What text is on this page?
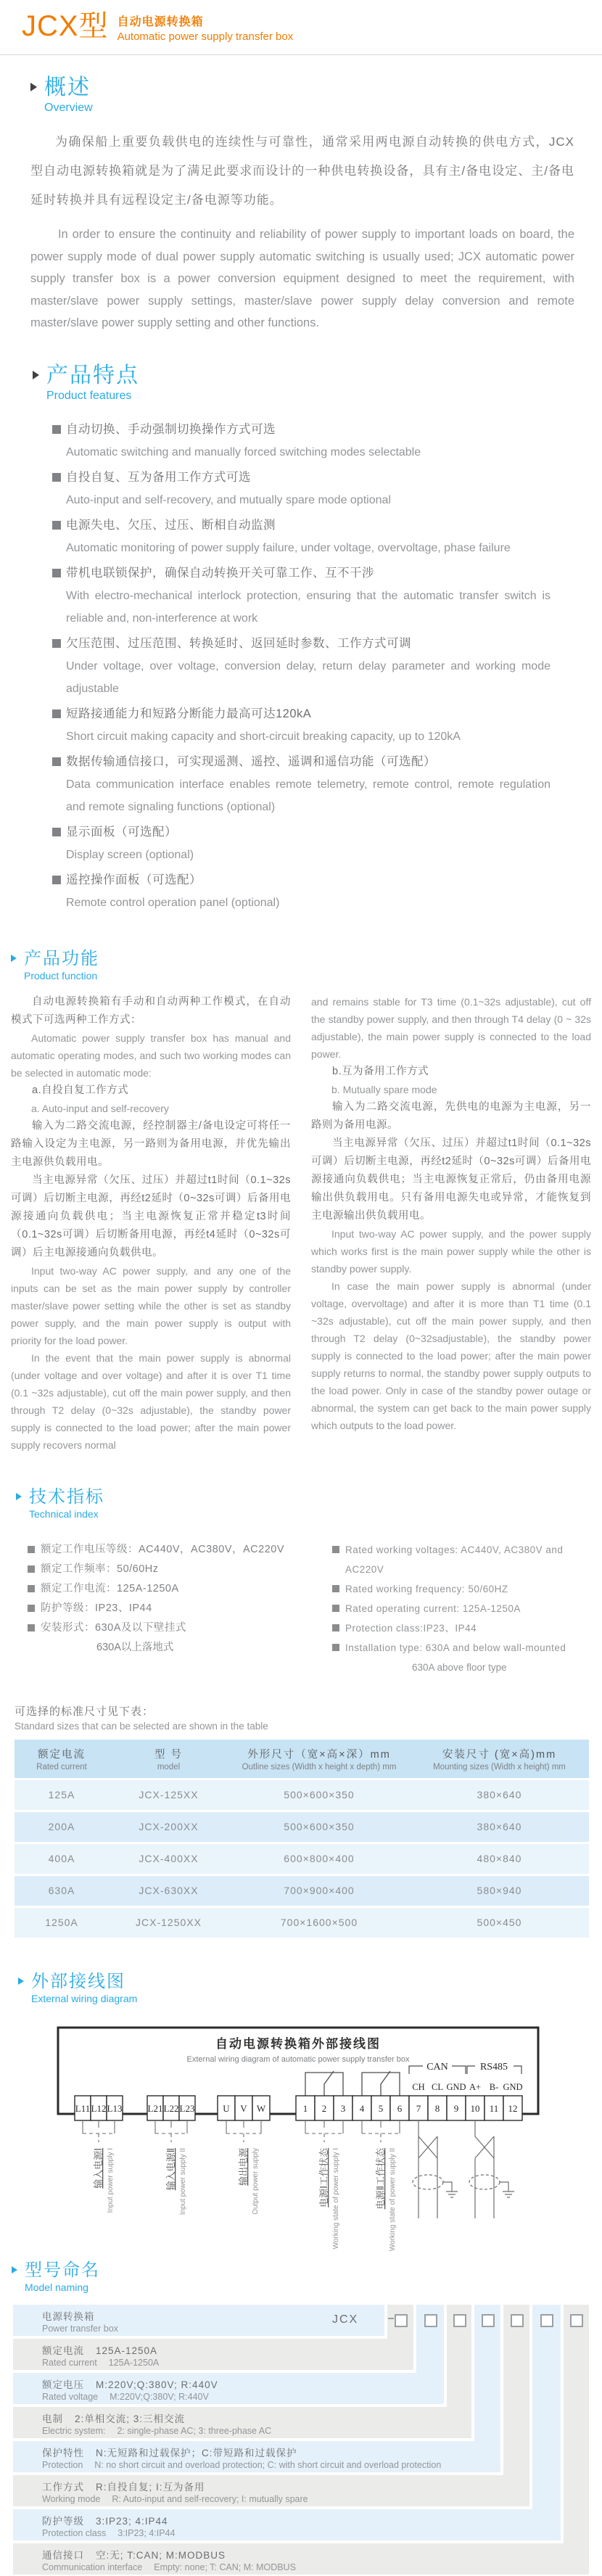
JCX型 自动电源转换箱
Automatic power supply transfer box
概述
Overview

为确保船上重要负载供电的连续性与可靠性，通常采用两电源自动转换的供电方式，JCX型自动电源转换箱就是为了满足此要求而设计的一种供电转换设备，具有主/备电设定、主/备电延时转换并具有远程设定主/备电源等功能。

In order to ensure the continuity and reliability of power supply to important loads on board, the power supply mode of dual power supply automatic switching is usually used; JCX automatic power supply transfer box is a power conversion equipment designed to meet the requirement, with master/slave power supply settings, master/slave power supply delay conversion and remote master/slave power supply setting and other functions.

产品特点
Product features
自动切换、手动强制切换操作方式可选
Automatic switching and manually forced switching modes selectable
自投自复、互为备用工作方式可选
Auto-input and self-recovery, and mutually spare mode optional
电源失电、欠压、过压、断相自动监测
Automatic monitoring of power supply failure, under voltage, overvoltage, phase failure
带机电联锁保护，确保自动转换开关可靠工作、互不干涉
With electro-mechanical interlock protection, ensuring that the automatic transfer switch is reliable and, non-interference at work
欠压范围、过压范围、转换延时、返回延时参数、工作方式可调
Under voltage, over voltage, conversion delay, return delay parameter and working mode adjustable
短路接通能力和短路分断能力最高可达120kA
Short circuit making capacity and short-circuit breaking capacity, up to 120kA
数据传输通信接口，可实现遥测、遥控、遥调和遥信功能（可选配）
Data communication interface enables remote telemetry, remote control, remote regulation and remote signaling functions (optional)
显示面板（可选配）
Display screen (optional)
遥控操作面板（可选配）
Remote control operation panel (optional)
产品功能
Product function

自动电源转换箱有手动和自动两种工作模式，在自动模式下可选两种工作方式：

Automatic power supply transfer box has manual and automatic operating modes, and such two working modes can be selected in automatic mode:

a.自投自复工作方式

a. Auto-input and self-recovery

输入为二路交流电源，经控制器主/备电设定可将任一路输入设定为主电源，另一路则为备用电源，并优先输出主电源供负载用电。

当主电源异常（欠压、过压）并超过t1时间（0.1~32s可调）后切断主电源，再经t2延时（0~32s可调）后备用电源接通向负载供电；当主电源恢复正常并稳定t3时间（0.1~32s可调）后切断备用电源，再经t4延时（0~32s可调）后主电源接通向负载供电。

Input two-way AC power supply, and any one of the inputs can be set as the main power supply by controller master/slave power setting while the other is set as standby power supply, and the main power supply is output with priority for the load power.

In the event that the main power supply is abnormal (under voltage and over voltage) and after it is over T1 time (0.1 ~32s adjustable), cut off the main power supply, and then through T2 delay (0~32s adjustable), the standby power supply is connected to the load power; after the main power supply recovers normal

and remains stable for T3 time (0.1~32s adjustable), cut off the standby power supply, and then through T4 delay (0 ~ 32s adjustable), the main power supply is connected to the load power.

b.互为备用工作方式

b. Mutually spare mode

输入为二路交流电源，先供电的电源为主电源，另一路则为备用电源。

当主电源异常（欠压、过压）并超过t1时间（0.1~32s可调）后切断主电源，再经t2延时（0~32s可调）后备用电源接通向负载供电；当主电源恢复正常后，仍由备用电源输出供负载用电。只有备用电源失电或异常，才能恢复到主电源输出供负载用电。

Input two-way AC power supply, and the power supply which works first is the main power supply while the other is standby power supply.

In case the main power supply is abnormal (under voltage, overvoltage) and after it is more than T1 time (0.1 ~32s adjustable), cut off the main power supply, and then through T2 delay (0~32sadjustable), the standby power supply is connected to the load power; after the main power supply returns to normal, the standby power supply outputs to the load power. Only in case of the standby power outage or abnormal, the system can get back to the main power supply which outputs to the load power.

技术指标
Technical index
额定工作电压等级：AC440V，AC380V，AC220V
额定工作频率：50/60Hz
额定工作电流：125A-1250A
防护等级：IP23、IP44
安装形式：630A及以下壁挂式
630A以上落地式
Rated working voltages: AC440V, AC380V and AC220V
Rated working frequency: 50/60HZ
Rated operating current: 125A-1250A
Protection class:IP23、IP44
Installation type: 630A and below wall-mounted
630A above floor type
可选择的标准尺寸见下表：
Standard sizes that can be selected are shown in the table
额定电流
Rated current

型 号
model

外形尺寸（宽×高×深）mm
Outline sizes (Width x height x depth) mm

安装尺寸 (宽×高)mm
Mounting sizes (Width x height) mm

125A	JCX-125XX	500×600×350	380×640
200A	JCX-200XX	500×600×350	380×640
400A	JCX-400XX	600×800×400	480×840
630A	JCX-630XX	700×900×400	580×940
1250A	JCX-1250XX	700×1600×500	500×450
外部接线图
External wiring diagram
自动电源转换箱外部接线图
External wiring diagram of automatic power supply transfer box
CAN	RS485
CH CL GND A+ B- GND
L11 L12 L13	L21 L22 L23	U V W	1 2 3 4 5 6 7 8 9 10 11 12
输入电源Ⅰ Input power supply I	输入电源Ⅱ Input power supply II	输出电源 Output power supply	电源Ⅰ工作状态 Working state of power supply I	电源Ⅱ工作状态 Working state of power supply II
型号命名
Model naming
电源转换箱
Power transfer box
额定电流 125A-1250A
Rated current 125A-1250A
额定电压 M:220V;Q:380V; R:440V
Rated voltage M:220V;Q:380V; R:440V
电制 2:单相交流; 3:三相交流
Electric system: 2: single-phase AC; 3: three-phase AC
保护特性 N:无短路和过载保护；C:带短路和过载保护
Protection N: no short circuit and overload protection; C: with short circuit and overload protection
工作方式 R:自投自复; I:互为备用
Working mode R: Auto-input and self-recovery; I: mutually spare
防护等级 3:IP23; 4:IP44
Protection class 3:IP23; 4:IP44
通信接口 空:无; T:CAN; M:MODBUS
Communication interface Empty: none; T: CAN; M: MODBUS
JCX
